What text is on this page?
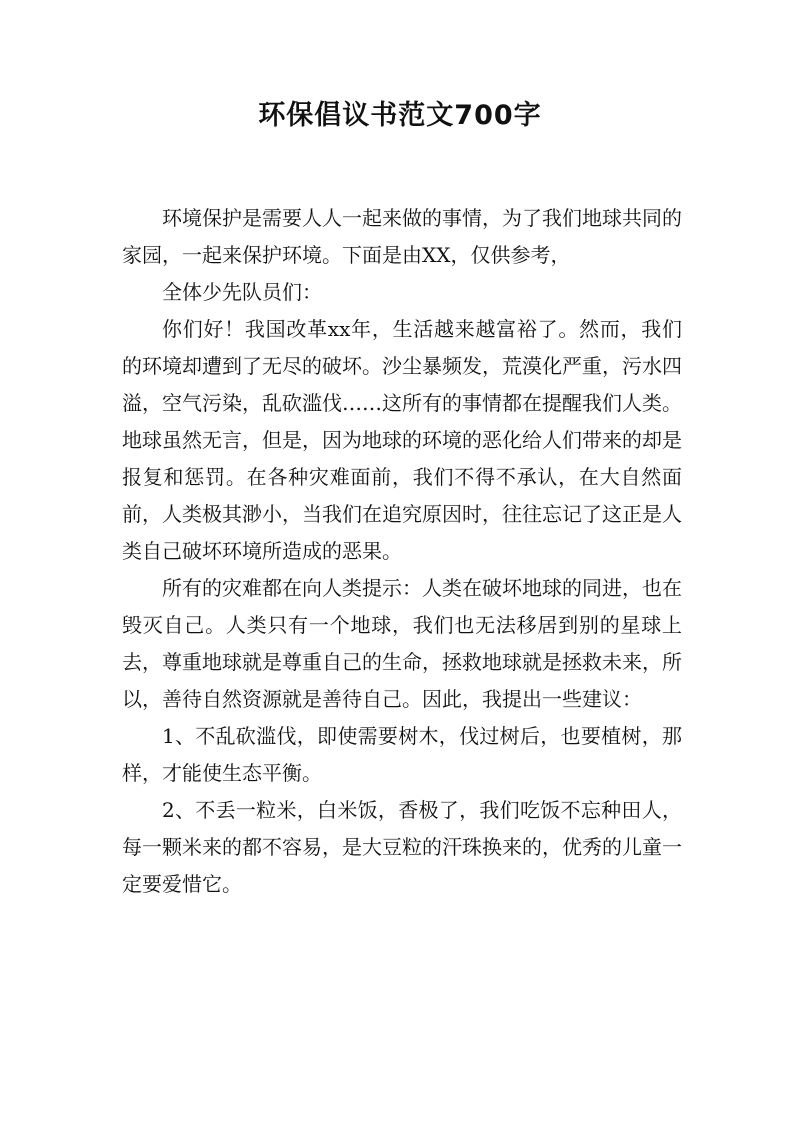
环保倡议书范文700字

环境保护是需要人人一起来做的事情，为了我们地球共同的家园，一起来保护环境。下面是由XX，仅供参考，

全体少先队员们：

你们好！我国改革xx年，生活越来越富裕了。然而，我们的环境却遭到了无尽的破坏。沙尘暴频发，荒漠化严重，污水四溢，空气污染，乱砍滥伐……这所有的事情都在提醒我们人类。地球虽然无言，但是，因为地球的环境的恶化给人们带来的却是报复和惩罚。在各种灾难面前，我们不得不承认，在大自然面前，人类极其渺小，当我们在追究原因时，往往忘记了这正是人类自己破坏环境所造成的恶果。

所有的灾难都在向人类提示：人类在破坏地球的同进，也在毁灭自己。人类只有一个地球，我们也无法移居到别的星球上去，尊重地球就是尊重自己的生命，拯救地球就是拯救未来，所以，善待自然资源就是善待自己。因此，我提出一些建议：

1、不乱砍滥伐，即使需要树木，伐过树后，也要植树，那样，才能使生态平衡。

2、不丢一粒米，白米饭，香极了，我们吃饭不忘种田人，每一颗米来的都不容易，是大豆粒的汗珠换来的，优秀的儿童一定要爱惜它。
